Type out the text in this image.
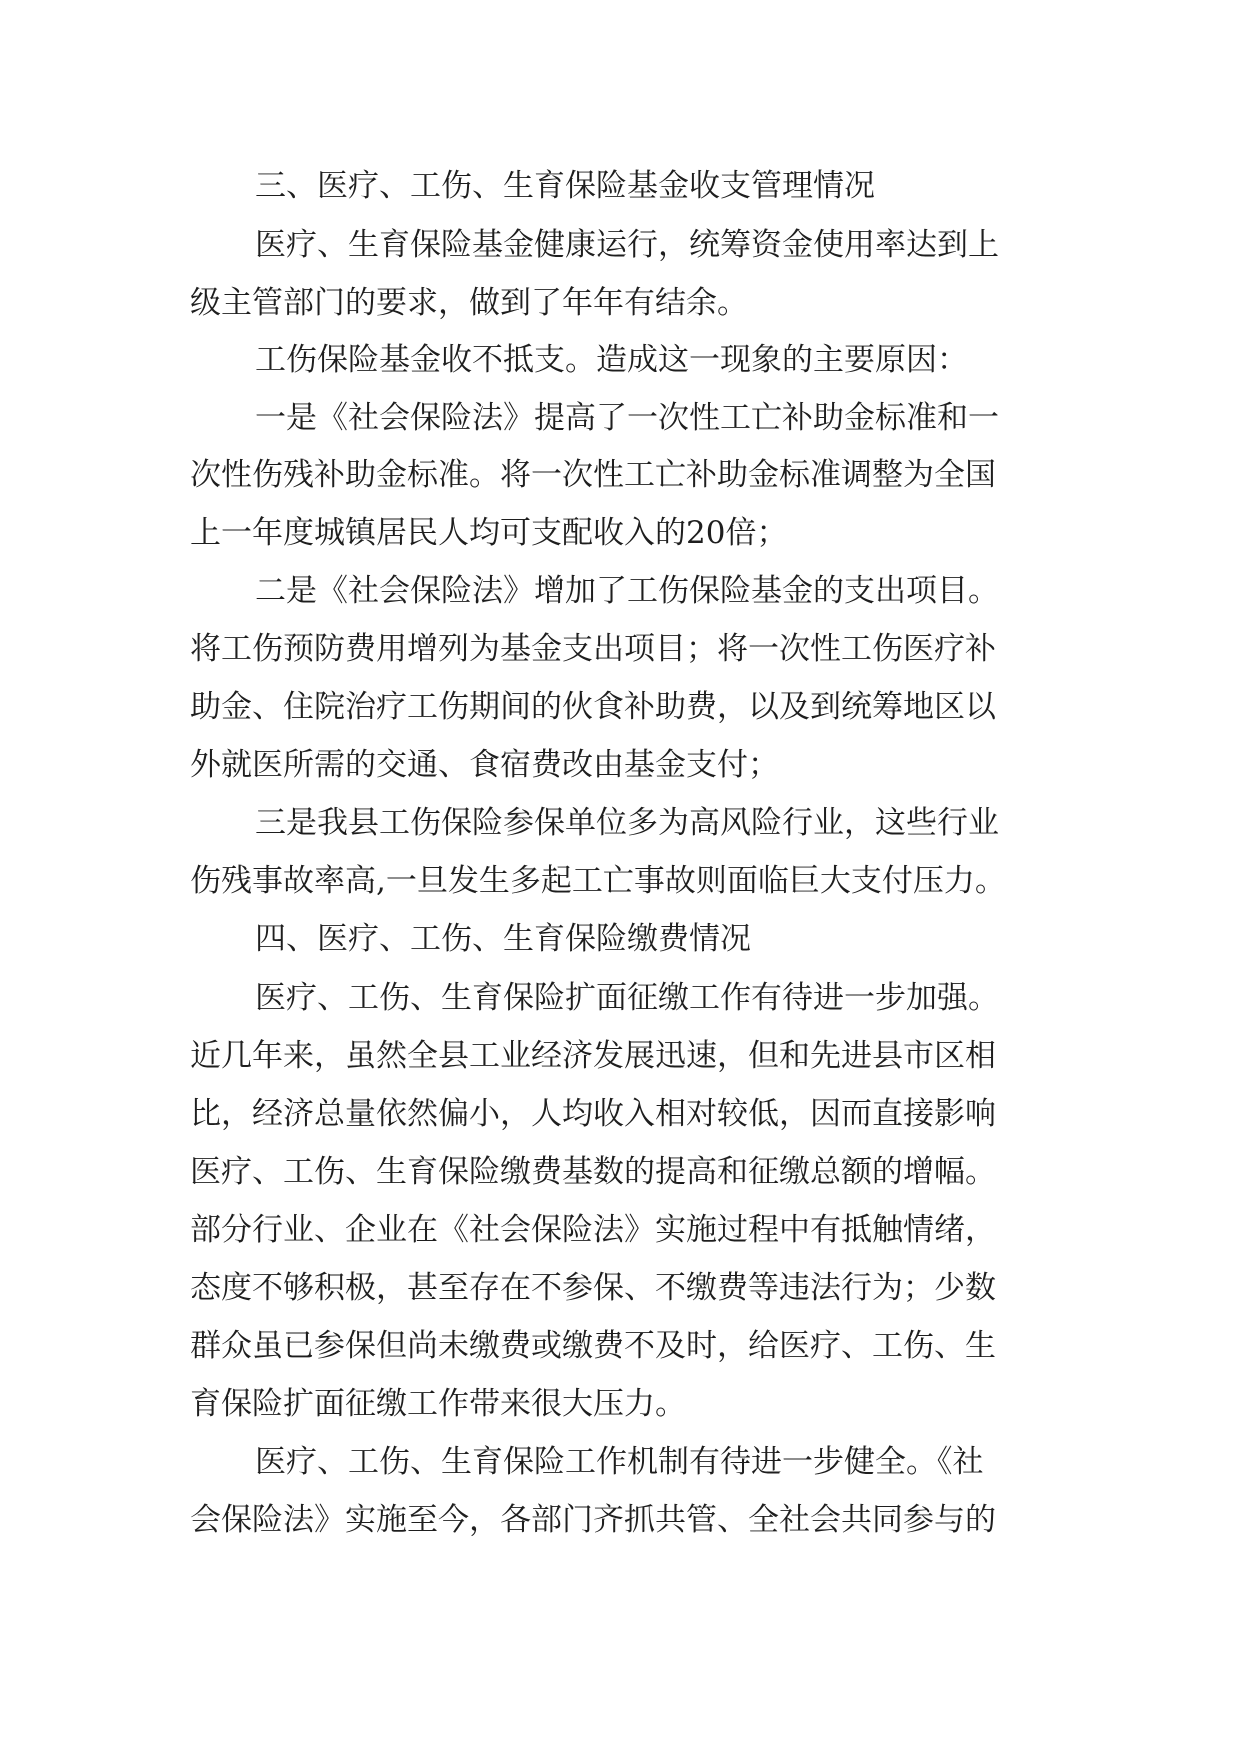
三、医疗、工伤、生育保险基金收支管理情况

医疗、生育保险基金健康运行，统筹资金使用率达到上

级主管部门的要求，做到了年年有结余。

工伤保险基金收不抵支。造成这一现象的主要原因：

一是《社会保险法》提高了一次性工亡补助金标准和一

次性伤残补助金标准。将一次性工亡补助金标准调整为全国

上一年度城镇居民人均可支配收入的20倍；

二是《社会保险法》增加了工伤保险基金的支出项目。

将工伤预防费用增列为基金支出项目；将一次性工伤医疗补

助金、住院治疗工伤期间的伙食补助费，以及到统筹地区以

外就医所需的交通、食宿费改由基金支付；

三是我县工伤保险参保单位多为高风险行业，这些行业

伤残事故率高,一旦发生多起工亡事故则面临巨大支付压力。

四、医疗、工伤、生育保险缴费情况

医疗、工伤、生育保险扩面征缴工作有待进一步加强。

近几年来，虽然全县工业经济发展迅速，但和先进县市区相

比，经济总量依然偏小，人均收入相对较低，因而直接影响

医疗、工伤、生育保险缴费基数的提高和征缴总额的增幅。

部分行业、企业在《社会保险法》实施过程中有抵触情绪，

态度不够积极，甚至存在不参保、不缴费等违法行为；少数

群众虽已参保但尚未缴费或缴费不及时，给医疗、工伤、生

育保险扩面征缴工作带来很大压力。

医疗、工伤、生育保险工作机制有待进一步健全。《社

会保险法》实施至今，各部门齐抓共管、全社会共同参与的
